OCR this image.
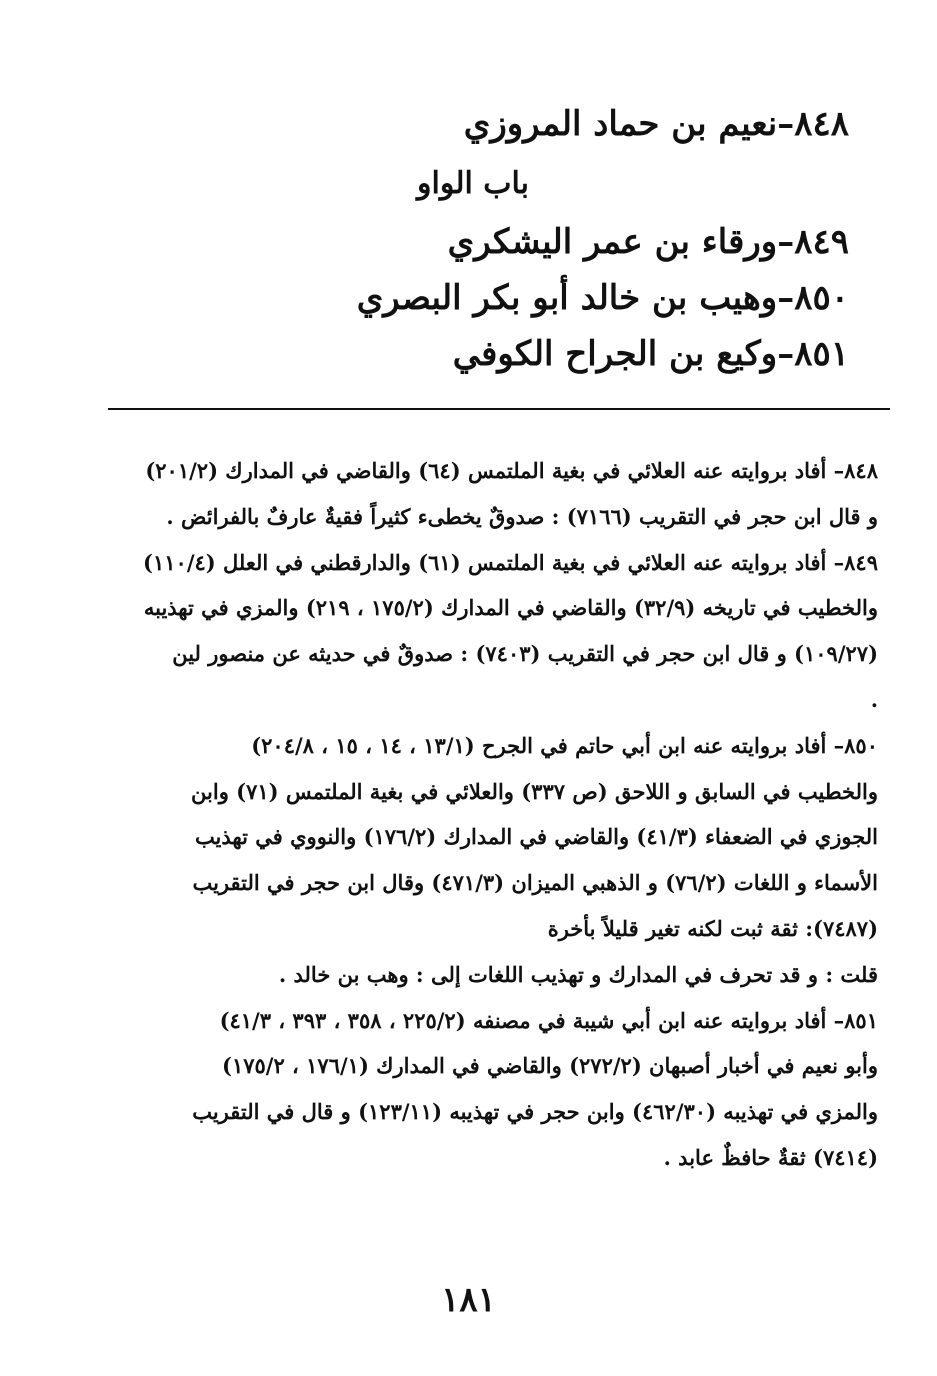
٨٤٨–نعيم بن حماد المروزي
باب الواو
٨٤٩–ورقاء بن عمر اليشكري
٨٥٠–وهيب بن خالد أبو بكر البصري
٨٥١–وكيع بن الجراح الكوفي
٨٤٨– أفاد بروايته عنه العلائي في بغية الملتمس (٦٤) والقاضي في المدارك (٢٠١/٢)
و قال ابن حجر في التقريب (٧١٦٦) : صدوقٌ يخطىء كثيراً فقيةٌ عارفٌ بالفرائض .
٨٤٩– أفاد بروايته عنه العلائي في بغية الملتمس (٦١) والدارقطني في العلل (١١٠/٤)
والخطيب في تاريخه (٣٢/٩) والقاضي في المدارك (١٧٥/٢ ، ٢١٩) والمزي في تهذيبه
(١٠٩/٢٧) و قال ابن حجر في التقريب (٧٤٠٣) : صدوقٌ في حديثه عن منصور لين
.
٨٥٠– أفاد بروايته عنه ابن أبي حاتم في الجرح (١٣/١ ، ١٤ ، ١٥ ، ٢٠٤/٨)
والخطيب في السابق و اللاحق (ص ٣٣٧) والعلائي في بغية الملتمس (٧١) وابن
الجوزي في الضعفاء (٤١/٣) والقاضي في المدارك (١٧٦/٢) والنووي في تهذيب
الأسماء و اللغات (٧٦/٢) و الذهبي الميزان (٤٧١/٣) وقال ابن حجر في التقريب
(٧٤٨٧): ثقة ثبت لكنه تغير قليلاً بأخرة
قلت : و قد تحرف في المدارك و تهذيب اللغات إلى : وهب بن خالد .
٨٥١– أفاد بروايته عنه ابن أبي شيبة في مصنفه (٢٢٥/٢ ، ٣٥٨ ، ٣٩٣ ، ٤١/٣)
وأبو نعيم في أخبار أصبهان (٢٧٢/٢) والقاضي في المدارك (١٧٦/١ ، ١٧٥/٢)
والمزي في تهذيبه (٤٦٢/٣٠) وابن حجر في تهذيبه (١٢٣/١١) و قال في التقريب
(٧٤١٤) ثقةٌ حافظٌ عابد .
١٨١
